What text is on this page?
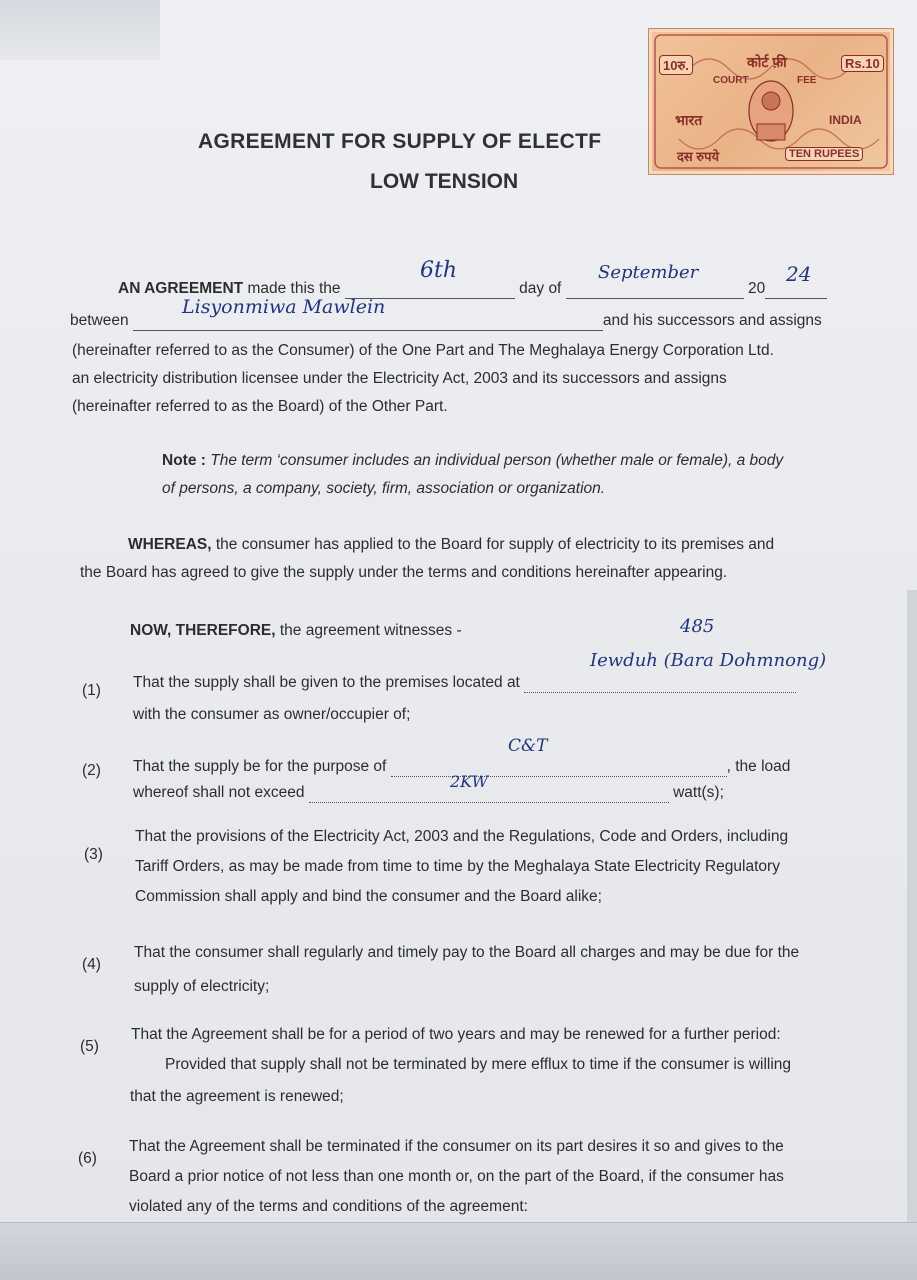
10रु.	कोर्ट फ़ी	Rs.10
COURT	FEE
भारत	INDIA
दस रुपये	TEN RUPEES
AGREEMENT FOR SUPPLY OF ELECTF
LOW TENSION
AN AGREEMENT made this the	day of	20
6th	September	24
between	and his successors and assigns
Lisyonmiwa Mawlein
(hereinafter referred to as the Consumer) of the One Part and The Meghalaya Energy Corporation Ltd.
an electricity distribution licensee under the Electricity Act, 2003 and its successors and assigns
(hereinafter referred to as the Board) of the Other Part.
Note : The term ‘consumer includes an individual person (whether male or female), a body
of persons, a company, society, firm, association or organization.
WHEREAS, the consumer has applied to the Board for supply of electricity to its premises and
the Board has agreed to give the supply under the terms and conditions hereinafter appearing.
NOW, THEREFORE, the agreement witnesses -	485
(1) That the supply shall be given to the premises located at
with the consumer as owner/occupier of;
Iewduh (Bara Dohmnong)
(2) That the supply be for the purpose of	, the load
whereof shall not exceed	watt(s);
C&T
2KW
(3)
That the provisions of the Electricity Act, 2003 and the Regulations, Code and Orders, including
Tariff Orders, as may be made from time to time by the Meghalaya State Electricity Regulatory
Commission shall apply and bind the consumer and the Board alike;
(4)
That the consumer shall regularly and timely pay to the Board all charges and may be due for the
supply of electricity;
(5)
That the Agreement shall be for a period of two years and may be renewed for a further period:
Provided that supply shall not be terminated by mere efflux to time if the consumer is willing
that the agreement is renewed;
(6)
That the Agreement shall be terminated if the consumer on its part desires it so and gives to the
Board a prior notice of not less than one month or, on the part of the Board, if the consumer has
violated any of the terms and conditions of the agreement:
